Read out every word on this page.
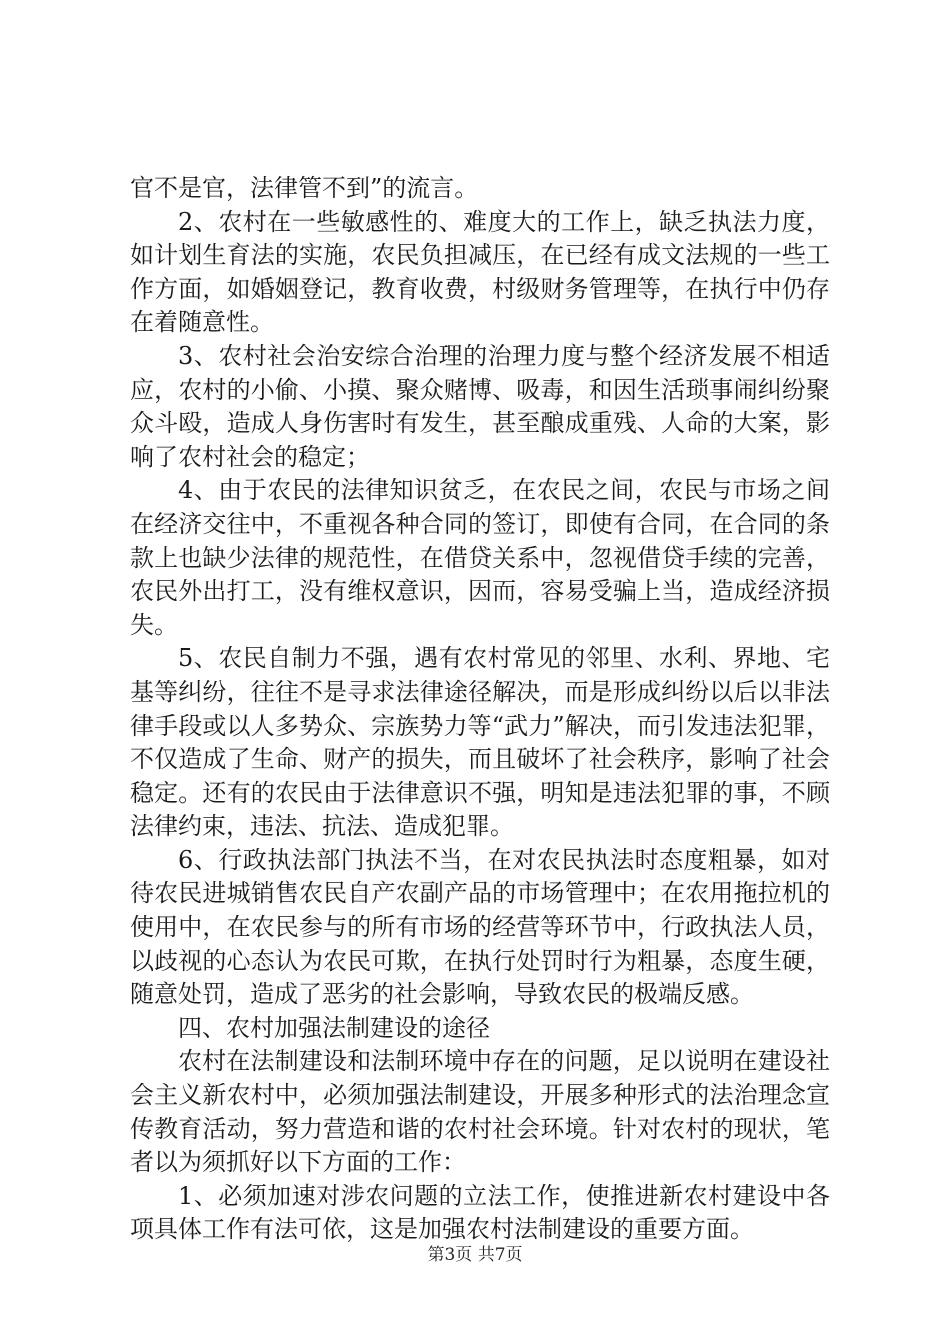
官不是官，法律管不到”的流言。

2、农村在一些敏感性的、难度大的工作上，缺乏执法力度，如计划生育法的实施，农民负担减压，在已经有成文法规的一些工作方面，如婚姻登记，教育收费，村级财务管理等，在执行中仍存在着随意性。

3、农村社会治安综合治理的治理力度与整个经济发展不相适应，农村的小偷、小摸、聚众赌博、吸毒，和因生活琐事闹纠纷聚众斗殴，造成人身伤害时有发生，甚至酿成重残、人命的大案，影响了农村社会的稳定；

4、由于农民的法律知识贫乏，在农民之间，农民与市场之间在经济交往中，不重视各种合同的签订，即使有合同，在合同的条款上也缺少法律的规范性，在借贷关系中，忽视借贷手续的完善，农民外出打工，没有维权意识，因而，容易受骗上当，造成经济损失。

5、农民自制力不强，遇有农村常见的邻里、水利、界地、宅基等纠纷，往往不是寻求法律途径解决，而是形成纠纷以后以非法律手段或以人多势众、宗族势力等“武力”解决，而引发违法犯罪，不仅造成了生命、财产的损失，而且破坏了社会秩序，影响了社会稳定。还有的农民由于法律意识不强，明知是违法犯罪的事，不顾法律约束，违法、抗法、造成犯罪。

6、行政执法部门执法不当，在对农民执法时态度粗暴，如对待农民进城销售农民自产农副产品的市场管理中；在农用拖拉机的使用中，在农民参与的所有市场的经营等环节中，行政执法人员，以歧视的心态认为农民可欺，在执行处罚时行为粗暴，态度生硬，随意处罚，造成了恶劣的社会影响，导致农民的极端反感。

四、农村加强法制建设的途径

农村在法制建设和法制环境中存在的问题，足以说明在建设社会主义新农村中，必须加强法制建设，开展多种形式的法治理念宣传教育活动，努力营造和谐的农村社会环境。针对农村的现状，笔者以为须抓好以下方面的工作：

1、必须加速对涉农问题的立法工作，使推进新农村建设中各项具体工作有法可依，这是加强农村法制建设的重要方面。

第3页 共7页
